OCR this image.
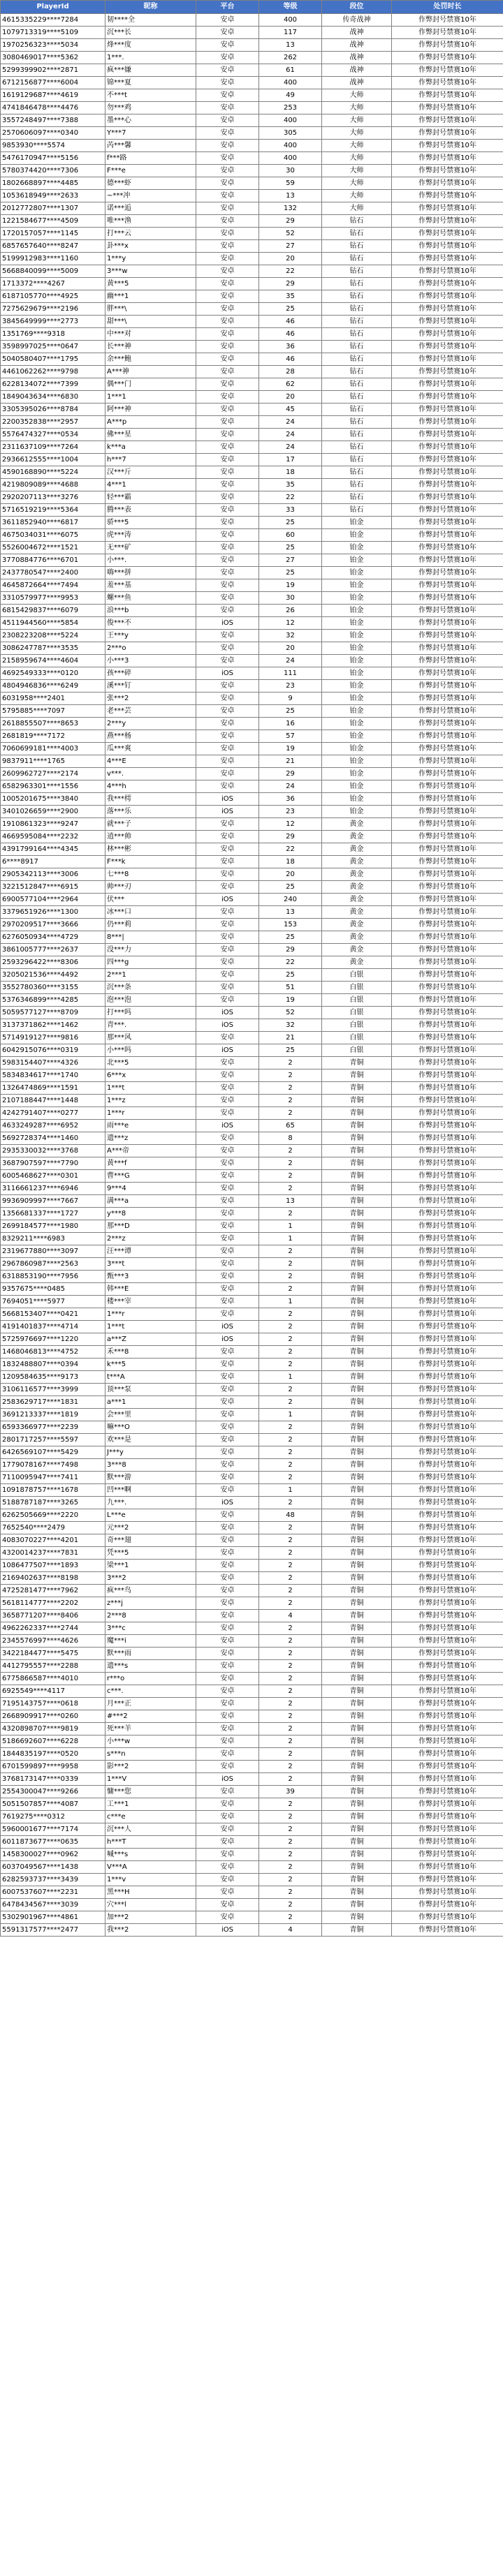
PlayerId	昵称	平台	等级	段位	处罚时长
4615335229****7284	韧****全	安卓	400	传奇战神	作弊封号禁赛10年
1079713319****5109	沉***长	安卓	117	战神	作弊封号禁赛10年
1970256323****5034	烽***度	安卓	13	战神	作弊封号禁赛10年
3080469017****5362	1***.	安卓	262	战神	作弊封号禁赛10年
5299399902****2871	疯***嫌	安卓	61	战神	作弊封号禁赛10年
6712156877****6004	锦***夏	安卓	400	战神	作弊封号禁赛10年
1619129687****4619	不***t	安卓	49	大师	作弊封号禁赛10年
4741846478****4476	勿***鸡	安卓	253	大师	作弊封号禁赛10年
3557248497****7388	墨***心	安卓	400	大师	作弊封号禁赛10年
2570606097****0340	Y***7	安卓	305	大师	作弊封号禁赛10年
9853930****5574	芮***馨	安卓	400	大师	作弊封号禁赛10年
5476170947****5156	f***路	安卓	400	大师	作弊封号禁赛10年
5780374420****7306	F***e	安卓	30	大师	作弊封号禁赛10年
1802668897****4485	德***虾	安卓	59	大师	作弊封号禁赛10年
1053618949****2633	~***冲	安卓	13	大师	作弊封号禁赛10年
2012772807****1307	诺***逅	安卓	132	大师	作弊封号禁赛10年
1221584677****4509	唯***渔	安卓	29	钻石	作弊封号禁赛10年
1720157057****1145	打***云	安卓	52	钻石	作弊封号禁赛10年
6857657640****8247	卦***x	安卓	27	钻石	作弊封号禁赛10年
5199912983****1160	1***y	安卓	20	钻石	作弊封号禁赛10年
5668840099****5009	3***w	安卓	22	钻石	作弊封号禁赛10年
1713372****4267	黄***5	安卓	29	钻石	作弊封号禁赛10年
6187105770****4925	幽***1	安卓	35	钻石	作弊封号禁赛10年
7275629679****2196	胖***\	安卓	25	钻石	作弊封号禁赛10年
3845649999****2773	甜***\	安卓	46	钻石	作弊封号禁赛10年
1351769****9318	中***对	安卓	46	钻石	作弊封号禁赛10年
3598997025****0647	长***神	安卓	36	钻石	作弊封号禁赛10年
5040580407****1795	余***鲍	安卓	46	钻石	作弊封号禁赛10年
4461062262****9798	A***神	安卓	28	钻石	作弊封号禁赛10年
6228134072****7399	偶***门	安卓	62	钻石	作弊封号禁赛10年
1849043634****6830	1***1	安卓	20	钻石	作弊封号禁赛10年
3305395026****8784	阿***神	安卓	45	钻石	作弊封号禁赛10年
2200352838****2957	A***p	安卓	24	钻石	作弊封号禁赛10年
5576474327****0534	佛***星	安卓	24	钻石	作弊封号禁赛10年
2311637109****7264	k***a	安卓	24	钻石	作弊封号禁赛10年
2936612555****1004	h***7	安卓	17	钻石	作弊封号禁赛10年
4590168890****5224	汉***斤	安卓	18	钻石	作弊封号禁赛10年
4219809089****4688	4***1	安卓	35	钻石	作弊封号禁赛10年
2920207113****3276	轻***霸	安卓	22	钻石	作弊封号禁赛10年
5716519219****5364	腾***表	安卓	33	钻石	作弊封号禁赛10年
3611852940****6817	骄***5	安卓	25	铂金	作弊封号禁赛10年
4675034031****6075	虎***涛	安卓	60	铂金	作弊封号禁赛10年
5526004672****1521	无***矿	安卓	25	铂金	作弊封号禁赛10年
3770884776****6701	小***.	安卓	27	铂金	作弊封号禁赛10年
2437780547****2400	嗨***拼	安卓	25	铂金	作弊封号禁赛10年
4645872664****7494	羞***基	安卓	19	铂金	作弊封号禁赛10年
3310579977****9953	螺***鱼	安卓	30	铂金	作弊封号禁赛10年
6815429837****6079	浪***b	安卓	26	铂金	作弊封号禁赛10年
4511944560****5854	俊***不	iOS	12	铂金	作弊封号禁赛10年
2308223208****5224	王***y	安卓	32	铂金	作弊封号禁赛10年
3086247787****3535	2***o	安卓	20	铂金	作弊封号禁赛10年
2158959674****4604	小***3	安卓	24	铂金	作弊封号禁赛10年
4692549333****0120	孩***碎	iOS	111	铂金	作弊封号禁赛10年
4804946836****6249	溪***钉	安卓	23	铂金	作弊封号禁赛10年
6031958****2401	张***2	安卓	9	铂金	作弊封号禁赛10年
5795885****7097	老***芸	安卓	25	铂金	作弊封号禁赛10年
2618855507****8653	2***y	安卓	16	铂金	作弊封号禁赛10年
2681819****7172	燕***杨	安卓	57	铂金	作弊封号禁赛10年
7060699181****4003	瓜***爽	安卓	19	铂金	作弊封号禁赛10年
9837911****1765	4***E	安卓	21	铂金	作弊封号禁赛10年
2609962727****2174	v***.	安卓	29	铂金	作弊封号禁赛10年
6582963301****1556	4***h	安卓	24	铂金	作弊封号禁赛10年
1005201675****3840	我***樗	iOS	36	铂金	作弊封号禁赛10年
3401026659****2900	落***乐	iOS	23	铂金	作弊封号禁赛10年
1910861323****9247	就***子	安卓	12	黄金	作弊封号禁赛10年
4669595084****2232	逍***帅	安卓	29	黄金	作弊封号禁赛10年
4391799164****4345	林***彬	安卓	22	黄金	作弊封号禁赛10年
6****8917	F***k	安卓	18	黄金	作弊封号禁赛10年
2905342113****3006	七***8	安卓	20	黄金	作弊封号禁赛10年
3221512847****6915	帅***刃	安卓	25	黄金	作弊封号禁赛10年
6900577104****2964	伏***	iOS	240	黄金	作弊封号禁赛10年
3379651926****1300	冰***口	安卓	13	黄金	作弊封号禁赛10年
2970209517****3666	仍***莉	安卓	153	黄金	作弊封号禁赛10年
6276050934****4729	8***|	安卓	25	黄金	作弊封号禁赛10年
3861005777****2637	没***力	安卓	29	黄金	作弊封号禁赛10年
2593296422****8306	四***g	安卓	22	黄金	作弊封号禁赛10年
3205021536****4492	2***1	安卓	25	白银	作弊封号禁赛10年
3552780360****3155	沉***条	安卓	51	白银	作弊封号禁赛10年
5376346899****4285	泡***泡	安卓	19	白银	作弊封号禁赛10年
5059577127****8709	打***吗	iOS	52	白银	作弊封号禁赛10年
3137371862****1462	青***.	iOS	32	白银	作弊封号禁赛10年
5714919127****9816	那***风	安卓	21	白银	作弊封号禁赛10年
6042915076****0319	小***吗	iOS	25	白银	作弊封号禁赛10年
5983154407****4326	北***5	安卓	2	青铜	作弊封号禁赛10年
5834834617****1740	6***x	安卓	2	青铜	作弊封号禁赛10年
1326474869****1591	1***t	安卓	2	青铜	作弊封号禁赛10年
2107188447****1448	1***z	安卓	2	青铜	作弊封号禁赛10年
4242791407****0277	1***r	安卓	2	青铜	作弊封号禁赛10年
4633249287****6952	雨***e	iOS	65	青铜	作弊封号禁赛10年
5692728374****1460	遗***z	安卓	8	青铜	作弊封号禁赛10年
2935330032****3768	A***帝	安卓	2	青铜	作弊封号禁赛10年
3687907597****7790	黄***f	安卓	2	青铜	作弊封号禁赛10年
6005468627****0301	曹***G	安卓	2	青铜	作弊封号禁赛10年
3116661237****6946	9***4	安卓	2	青铜	作弊封号禁赛10年
9936909997****7667	满***a	安卓	13	青铜	作弊封号禁赛10年
1356681337****1727	y***8	安卓	2	青铜	作弊封号禁赛10年
2699184577****1980	那***D	安卓	1	青铜	作弊封号禁赛10年
8329211****6983	2***z	安卓	1	青铜	作弊封号禁赛10年
2319677880****3097	汪***谭	安卓	2	青铜	作弊封号禁赛10年
2967860987****2563	3***t	安卓	2	青铜	作弊封号禁赛10年
6318853190****7956	甄***3	安卓	2	青铜	作弊封号禁赛10年
9357675****0485	韩***E	安卓	2	青铜	作弊封号禁赛10年
7694051****5977	楼***宰	安卓	1	青铜	作弊封号禁赛10年
5668153407****0421	1***r	安卓	2	青铜	作弊封号禁赛10年
4191401837****4714	1***t	iOS	2	青铜	作弊封号禁赛10年
5725976697****1220	a***Z	iOS	2	青铜	作弊封号禁赛10年
1468046813****4752	禾***8	安卓	2	青铜	作弊封号禁赛10年
1832488807****0394	k***5	安卓	2	青铜	作弊封号禁赛10年
1209584635****9173	t***A	安卓	1	青铜	作弊封号禁赛10年
3106116577****3999	顶***泵	安卓	2	青铜	作弊封号禁赛10年
2583629717****1831	a***1	安卓	2	青铜	作弊封号禁赛10年
3691213337****1819	会***里	安卓	1	青铜	作弊封号禁赛10年
6593366977****2239	嘛***O	安卓	2	青铜	作弊封号禁赛10年
2801717257****5597	欢***是	安卓	2	青铜	作弊封号禁赛10年
6426569107****5429	J***y	安卓	2	青铜	作弊封号禁赛10年
1779078167****7498	3***8	安卓	2	青铜	作弊封号禁赛10年
7110095947****7411	默***游	安卓	2	青铜	作弊封号禁赛10年
1091878757****1678	凹***啊	安卓	1	青铜	作弊封号禁赛10年
5188787187****3265	九***.	iOS	2	青铜	作弊封号禁赛10年
6262505669****2220	L***e	安卓	48	青铜	作弊封号禁赛10年
7652540****2479	元***2	安卓	2	青铜	作弊封号禁赛10年
4083070227****4201	奇***翅	安卓	2	青铜	作弊封号禁赛10年
4320014237****7831	凭***5	安卓	2	青铜	作弊封号禁赛10年
1086477507****1893	梁***1	安卓	2	青铜	作弊封号禁赛10年
2169402637****8198	3***2	安卓	2	青铜	作弊封号禁赛10年
4725281477****7962	疯***鸟	安卓	2	青铜	作弊封号禁赛10年
5618114777****2202	z***j	安卓	2	青铜	作弊封号禁赛10年
3658771207****8406	2***8	安卓	4	青铜	作弊封号禁赛10年
4962262337****2744	3***c	安卓	2	青铜	作弊封号禁赛10年
2345576997****4626	魔***i	安卓	2	青铜	作弊封号禁赛10年
3422184477****5475	默***雨	安卓	2	青铜	作弊封号禁赛10年
4412795557****2288	遗***s	安卓	2	青铜	作弊封号禁赛10年
6775866587****4010	r***o	安卓	2	青铜	作弊封号禁赛10年
6925549****4117	c***.	安卓	2	青铜	作弊封号禁赛10年
7195143757****0618	月***正	安卓	2	青铜	作弊封号禁赛10年
2668909917****0260	#***2	安卓	2	青铜	作弊封号禁赛10年
4320898707****9819	死***羊	安卓	2	青铜	作弊封号禁赛10年
5186692607****6228	小***w	安卓	2	青铜	作弊封号禁赛10年
1844835197****0520	s***n	安卓	2	青铜	作弊封号禁赛10年
6701599897****9958	影***2	安卓	2	青铜	作弊封号禁赛10年
3768173147****0339	1***V	iOS	2	青铜	作弊封号禁赛10年
2554300047****9266	慵***您	安卓	39	青铜	作弊封号禁赛10年
5051507857****4087	工***1	安卓	2	青铜	作弊封号禁赛10年
7619275****0312	c***e	安卓	2	青铜	作弊封号禁赛10年
5960001677****7174	沉***人	安卓	2	青铜	作弊封号禁赛10年
6011873677****0635	h***T	安卓	2	青铜	作弊封号禁赛10年
1458300027****0962	喊***s	安卓	2	青铜	作弊封号禁赛10年
6037049567****1438	V***A	安卓	2	青铜	作弊封号禁赛10年
6282593737****3439	1***v	安卓	2	青铜	作弊封号禁赛10年
6007537607****2231	黑***H	安卓	2	青铜	作弊封号禁赛10年
6478434567****3039	穴***l	安卓	2	青铜	作弊封号禁赛10年
5302901967****4861	加***2	安卓	2	青铜	作弊封号禁赛10年
5591317577****2477	我***2	iOS	4	青铜	作弊封号禁赛10年
